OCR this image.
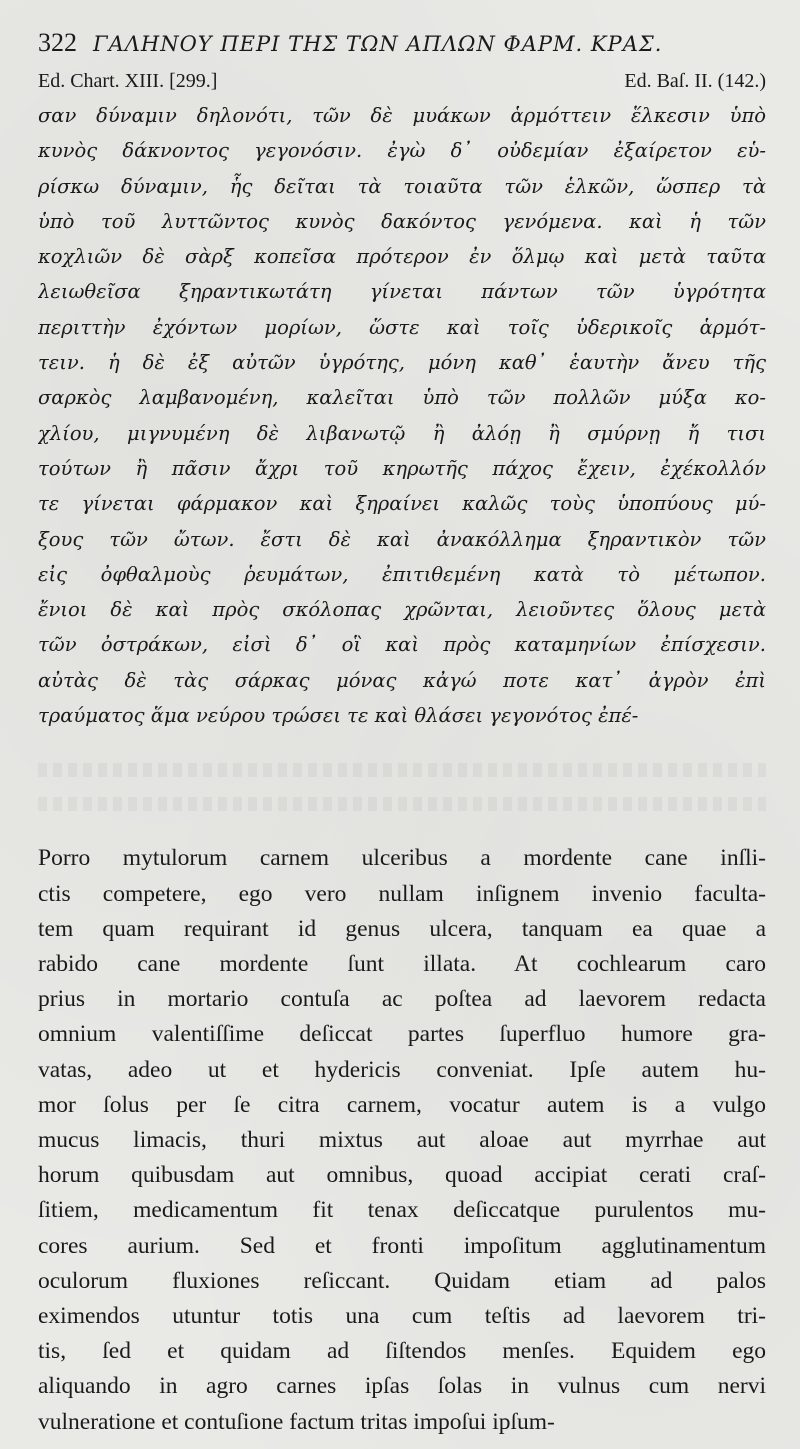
322 ΓΑΛΗΝΟΥ ΠΕΡΙ ΤΗΣ ΤΩΝ ΑΠΛΩΝ ΦΑΡΜ. ΚΡΑΣ.
Ed. Chart. XIII. [299.]	Ed. Baſ. II. (142.)
σαν δύναμιν δηλονότι, τῶν δὲ μυάκων ἁρμόττειν ἕλκεσιν ὑπὸ
κυνὸς δάκνοντος γεγονόσιν. ἐγὼ δ᾽ οὐδεμίαν ἐξαίρετον εὑ-
ρίσκω δύναμιν, ἧς δεῖται τὰ τοιαῦτα τῶν ἑλκῶν, ὥσπερ τὰ
ὑπὸ τοῦ λυττῶντος κυνὸς δακόντος γενόμενα. καὶ ἡ τῶν
κοχλιῶν δὲ σὰρξ κοπεῖσα πρότερον ἐν ὅλμῳ καὶ μετὰ ταῦτα
λειωθεῖσα ξηραντικωτάτη γίνεται πάντων τῶν ὑγρότητα
περιττὴν ἐχόντων μορίων, ὥστε καὶ τοῖς ὑδερικοῖς ἁρμότ-
τειν. ἡ δὲ ἐξ αὐτῶν ὑγρότης, μόνη καθ᾽ ἑαυτὴν ἄνευ τῆς
σαρκὸς λαμβανομένη, καλεῖται ὑπὸ τῶν πολλῶν μύξα κο-
χλίου, μιγνυμένη δὲ λιβανωτῷ ἢ ἀλόῃ ἢ σμύρνῃ ἤ τισι
τούτων ἢ πᾶσιν ἄχρι τοῦ κηρωτῆς πάχος ἔχειν, ἐχέκολλόν
τε γίνεται φάρμακον καὶ ξηραίνει καλῶς τοὺς ὑποπύους μύ-
ξους τῶν ὤτων. ἔστι δὲ καὶ ἀνακόλλημα ξηραντικὸν τῶν
εἰς ὀφθαλμοὺς ῥευμάτων, ἐπιτιθεμένη κατὰ τὸ μέτωπον.
ἔνιοι δὲ καὶ πρὸς σκόλοπας χρῶνται, λειοῦντες ὅλους μετὰ
τῶν ὀστράκων, εἰσὶ δ᾽ οἳ καὶ πρὸς καταμηνίων ἐπίσχεσιν.
αὐτὰς δὲ τὰς σάρκας μόνας κἀγώ ποτε κατ᾽ ἀγρὸν ἐπὶ
τραύματος ἅμα νεύρου τρώσει τε καὶ θλάσει γεγονότος ἐπέ-
Porro mytulorum carnem ulceribus a mordente cane inſli-
ctis competere, ego vero nullam inſignem invenio faculta-
tem quam requirant id genus ulcera, tanquam ea quae a
rabido cane mordente ſunt illata. At cochlearum caro
prius in mortario contuſa ac poſtea ad laevorem redacta
omnium valentiſſime deſiccat partes ſuperfluo humore gra-
vatas, adeo ut et hydericis conveniat. Ipſe autem hu-
mor ſolus per ſe citra carnem, vocatur autem is a vulgo
mucus limacis, thuri mixtus aut aloae aut myrrhae aut
horum quibusdam aut omnibus, quoad accipiat cerati craſ-
ſitiem, medicamentum fit tenax deſiccatque purulentos mu-
cores aurium. Sed et fronti impoſitum agglutinamentum
oculorum fluxiones reſiccant. Quidam etiam ad palos
eximendos utuntur totis una cum teſtis ad laevorem tri-
tis, ſed et quidam ad ſiſtendos menſes. Equidem ego
aliquando in agro carnes ipſas ſolas in vulnus cum nervi
vulneratione et contuſione factum tritas impoſui ipſum-
